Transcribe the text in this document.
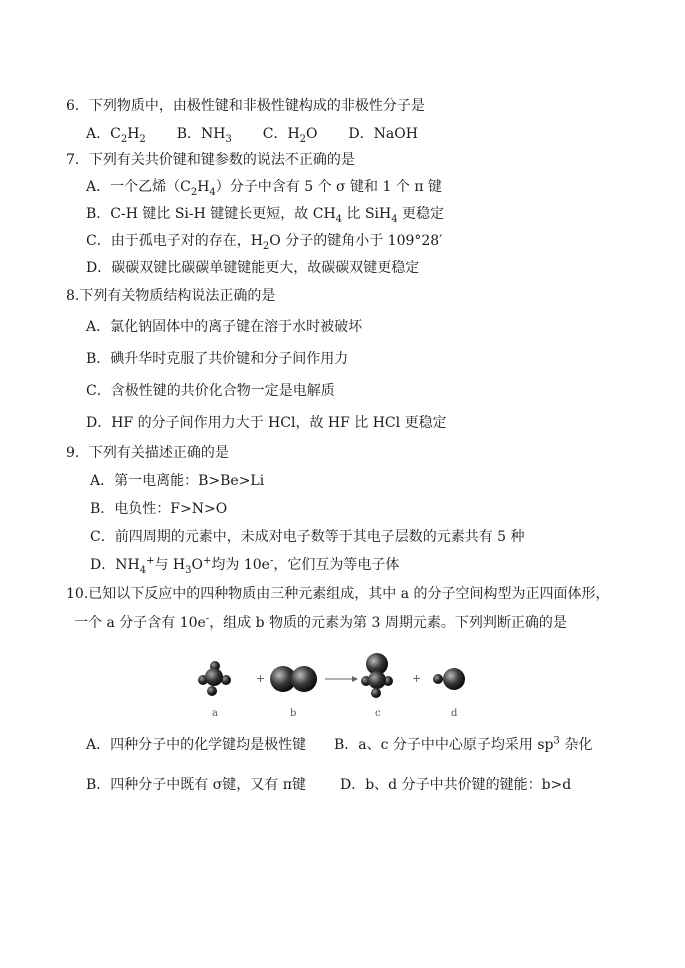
6．下列物质中，由极性键和非极性键构成的非极性分子是
A．$C_2H_2$ B．$NH_3$ C．$H_2O$ D．NaOH
7．下列有关共价键和键参数的说法不正确的是
A．一个乙烯$(C_2H_4)$分子中含有 5 个 σ 键和 1 个 π 键
B．C-H 键比 Si-H 键键长更短，故 $CH_4$ 比 SiH$_4$ 更稳定
C．由于孤电子对的存在，$H_2O$ 分子的键角小于 109°28′
D．碳碳双键比碳碳单键键能更大，故碳碳双键更稳定
8.下列有关物质结构说法正确的是
A．氯化钠固体中的离子键在溶于水时被破坏
B．碘升华时克服了共价键和分子间作用力
C．含极性键的共价化合物一定是电解质
D．HF 的分子间作用力大于 HCl，故 HF 比 HCl 更稳定
9．下列有关描述正确的是
A．第一电离能：B>Be>Li
B．电负性：F>N>O
C．前四周期的元素中，未成对电子数等于其电子层数的元素共有 5 种
D．$NH_4^+$与 $H_3O^+$均为 10e-，它们互为等电子体
10.已知以下反应中的四种物质由三种元素组成，其中 a 的分子空间构型为正四面体形，
一个 a 分子含有 10e-，组成 b 物质的元素为第 3 周期元素。下列判断正确的是
+	+
a	b	c	d
A．四种分子中的化学键均是极性键 B．a、c 分子中中心原子均采用 $sp^3$ 杂化
B．四种分子中既有 σ键，又有 π键 D．b、d 分子中共价键的键能：b>d
